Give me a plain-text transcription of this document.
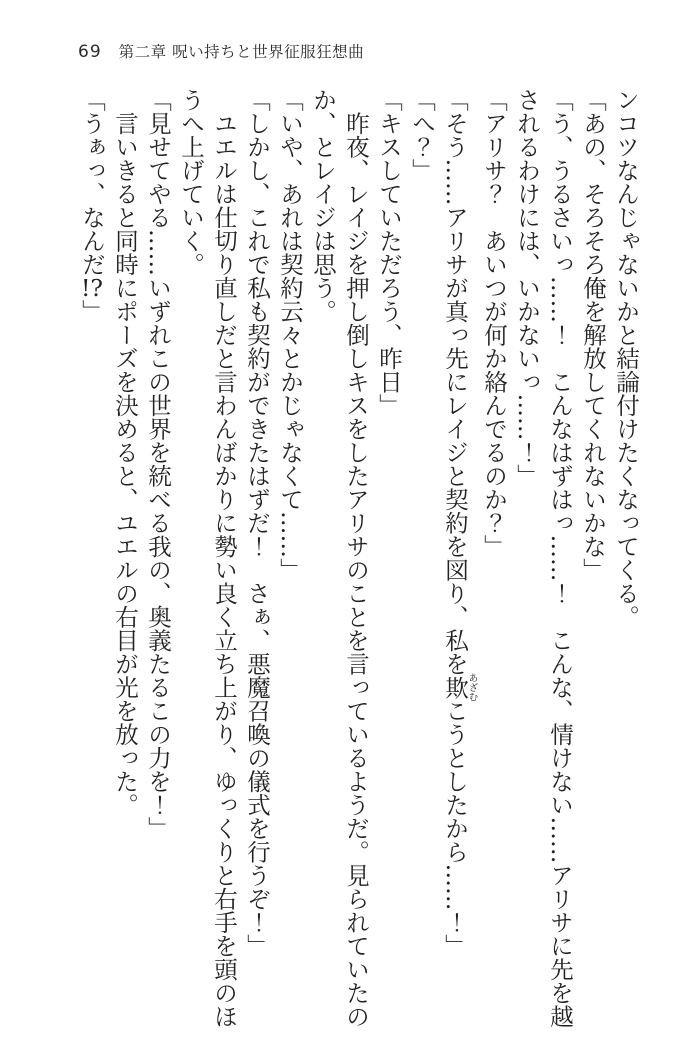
69 第二章 呪い持ちと世界征服狂想曲

ンコツなんじゃないかと結論付けたくなってくる。

「あの、そろそろ俺を解放してくれないかな」

「う、うるさいっ……！　こんなはずはっ……！　こんな、情けない……アリサに先を越されるわけには、いかないっ……！」

「アリサ？　あいつが何か絡んでるのか？」

「そう……アリサが真っ先にレイジと契約を図り、私を欺あざむこうとしたから……！」

「へ？」

「キスしていただろう、昨日」

　昨夜、レイジを押し倒しキスをしたアリサのことを言っているようだ。見られていたのか、とレイジは思う。

「いや、あれは契約云々とかじゃなくて……」

「しかし、これで私も契約ができたはずだ！　さぁ、悪魔召喚の儀式を行うぞ！」

　ユエルは仕切り直しだと言わんばかりに勢い良く立ち上がり、ゆっくりと右手を頭のほうへ上げていく。

「見せてやる……いずれこの世界を統べる我の、奥義たるこの力を！」

　言いきると同時にポーズを決めると、ユエルの右目が光を放った。

「うぁっ、なんだ!?」
